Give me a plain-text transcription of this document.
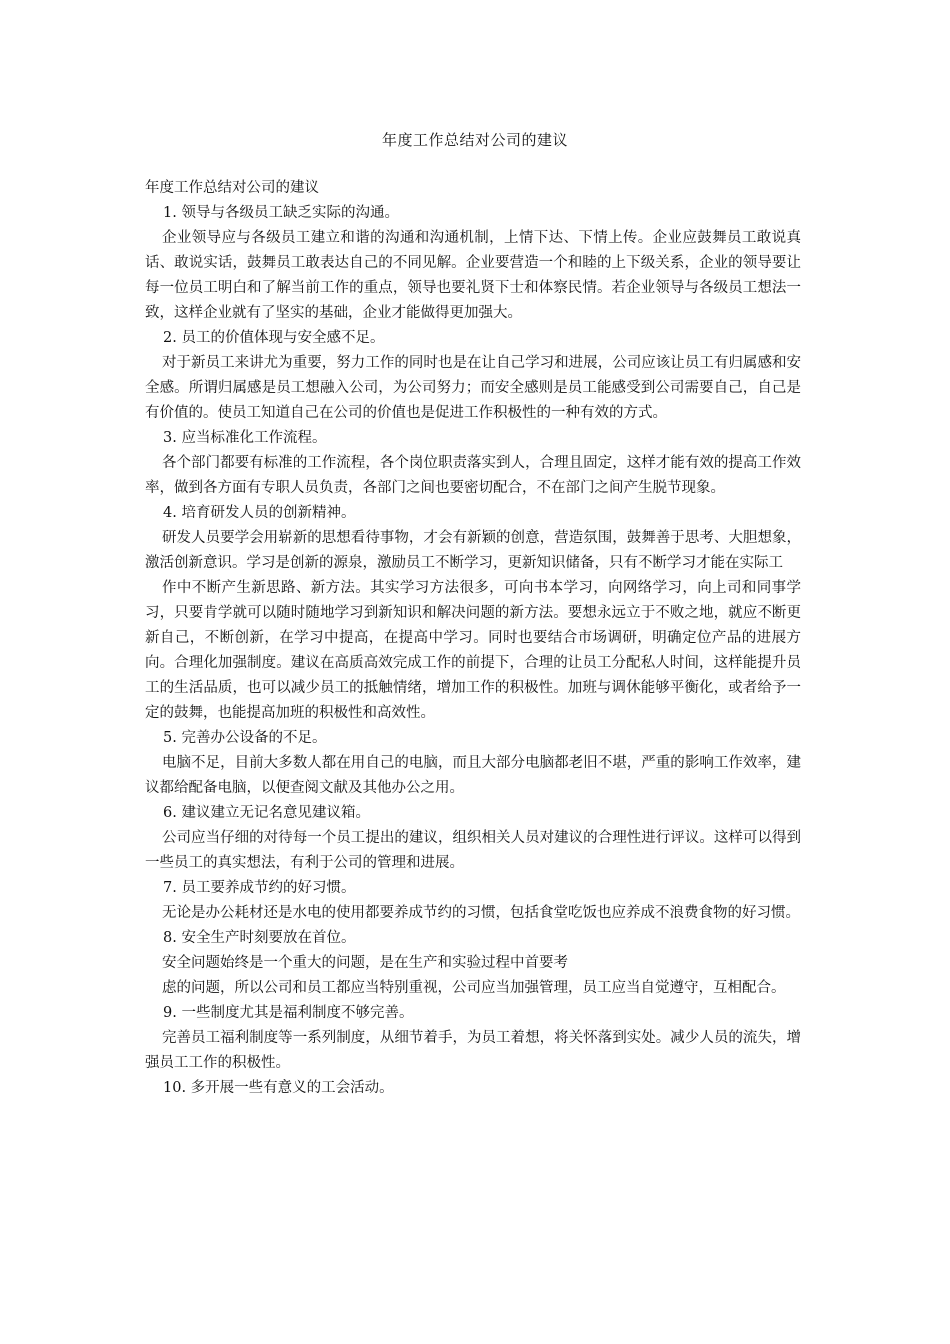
年度工作总结对公司的建议

年度工作总结对公司的建议

1. 领导与各级员工缺乏实际的沟通。

企业领导应与各级员工建立和谐的沟通和沟通机制，上情下达、下情上传。企业应鼓舞员工敢说真话、敢说实话，鼓舞员工敢表达自己的不同见解。企业要营造一个和睦的上下级关系，企业的领导要让每一位员工明白和了解当前工作的重点，领导也要礼贤下士和体察民情。若企业领导与各级员工想法一致，这样企业就有了坚实的基础，企业才能做得更加强大。

2. 员工的价值体现与安全感不足。

对于新员工来讲尤为重要，努力工作的同时也是在让自己学习和进展，公司应该让员工有归属感和安全感。所谓归属感是员工想融入公司，为公司努力；而安全感则是员工能感受到公司需要自己，自己是有价值的。使员工知道自己在公司的价值也是促进工作积极性的一种有效的方式。

3. 应当标准化工作流程。

各个部门都要有标准的工作流程，各个岗位职责落实到人，合理且固定，这样才能有效的提高工作效率，做到各方面有专职人员负责，各部门之间也要密切配合，不在部门之间产生脱节现象。

4. 培育研发人员的创新精神。

研发人员要学会用崭新的思想看待事物，才会有新颖的创意，营造氛围，鼓舞善于思考、大胆想象，激活创新意识。学习是创新的源泉，激励员工不断学习，更新知识储备，只有不断学习才能在实际工

作中不断产生新思路、新方法。其实学习方法很多，可向书本学习，向网络学习，向上司和同事学习，只要肯学就可以随时随地学习到新知识和解决问题的新方法。要想永远立于不败之地，就应不断更新自己，不断创新，在学习中提高，在提高中学习。同时也要结合市场调研，明确定位产品的进展方向。合理化加强制度。建议在高质高效完成工作的前提下，合理的让员工分配私人时间，这样能提升员工的生活品质，也可以减少员工的抵触情绪，增加工作的积极性。加班与调休能够平衡化，或者给予一定的鼓舞，也能提高加班的积极性和高效性。

5. 完善办公设备的不足。

电脑不足，目前大多数人都在用自己的电脑，而且大部分电脑都老旧不堪，严重的影响工作效率，建议都给配备电脑，以便查阅文献及其他办公之用。

6. 建议建立无记名意见建议箱。

公司应当仔细的对待每一个员工提出的建议，组织相关人员对建议的合理性进行评议。这样可以得到一些员工的真实想法，有利于公司的管理和进展。

7. 员工要养成节约的好习惯。

无论是办公耗材还是水电的使用都要养成节约的习惯，包括食堂吃饭也应养成不浪费食物的好习惯。

8. 安全生产时刻要放在首位。

安全问题始终是一个重大的问题，是在生产和实验过程中首要考

虑的问题，所以公司和员工都应当特别重视，公司应当加强管理，员工应当自觉遵守，互相配合。

9. 一些制度尤其是福利制度不够完善。

完善员工福利制度等一系列制度，从细节着手，为员工着想，将关怀落到实处。减少人员的流失，增强员工工作的积极性。

10. 多开展一些有意义的工会活动。
